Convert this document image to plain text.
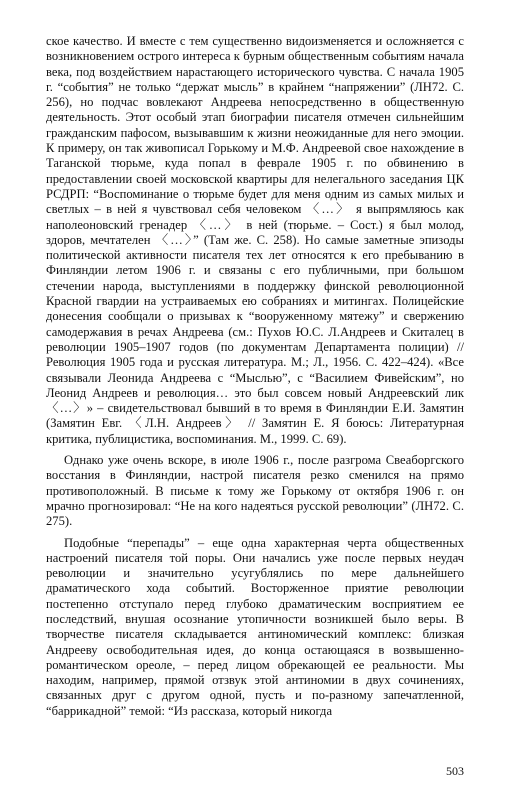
ское качество. И вместе с тем существенно видоизменяется и осложняется с возникновением острого интереса к бурным общественным событиям начала века, под воздействием нарастающего исторического чувства. С начала 1905 г. “события” не только “держат мысль” в крайнем “напряжении” (ЛН72. С. 256), но подчас вовлекают Андреева непосредственно в общественную деятельность. Этот особый этап биографии писателя отмечен сильнейшим гражданским пафосом, вызывавшим к жизни неожиданные для него эмоции. К примеру, он так живописал Горькому и М.Ф. Андреевой свое нахождение в Таганской тюрьме, куда попал в феврале 1905 г. по обвинению в предоставлении своей московской квартиры для нелегального заседания ЦК РСДРП: “Воспоминание о тюрьме будет для меня одним из самых милых и светлых – в ней я чувствовал себя человеком 〈…〉 я выпрямляюсь как наполеоновский гренадер 〈…〉 в ней (тюрьме. – Сост.) я был молод, здоров, мечтателен 〈…〉” (Там же. С. 258). Но самые заметные эпизоды политической активности писателя тех лет относятся к его пребыванию в Финляндии летом 1906 г. и связаны с его публичными, при большом стечении народа, выступлениями в поддержку финской революционной Красной гвардии на устраиваемых ею собраниях и митингах. Полицейские донесения сообщали о призывах к “вооруженному мятежу” и свержению самодержавия в речах Андреева (см.: Пухов Ю.С. Л.Андреев и Скиталец в революции 1905–1907 годов (по документам Департамента полиции) // Революция 1905 года и русская литература. М.; Л., 1956. С. 422–424). «Все связывали Леонида Андреева с “Мыслью”, с “Василием Фивейским”, но Леонид Андреев и революция… это был совсем новый Андреевский лик 〈…〉» – свидетельствовал бывший в то время в Финляндии Е.И. Замятин (Замятин Евг. 〈Л.Н. Андреев〉 // Замятин Е. Я боюсь: Литературная критика, публицистика, воспоминания. М., 1999. С. 69).

Однако уже очень вскоре, в июле 1906 г., после разгрома Свеаборгского восстания в Финляндии, настрой писателя резко сменился на прямо противоположный. В письме к тому же Горькому от октября 1906 г. он мрачно прогнозировал: “Не на кого надеяться русской революции” (ЛН72. С. 275).

Подобные “перепады” – еще одна характерная черта общественных настроений писателя той поры. Они начались уже после первых неудач революции и значительно усугублялись по мере дальнейшего драматического хода событий. Восторженное приятие революции постепенно отступало перед глубоко драматическим восприятием ее последствий, внушая осознание утопичности возникшей было веры. В творчестве писателя складывается антиномический комплекс: близкая Андрееву освободительная идея, до конца остающаяся в возвышенно-романтическом ореоле, – перед лицом обрекающей ее реальности. Мы находим, например, прямой отзвук этой антиномии в двух сочинениях, связанных друг с другом одной, пусть и по-разному запечатленной, “баррикадной” темой: “Из рассказа, который никогда

503
